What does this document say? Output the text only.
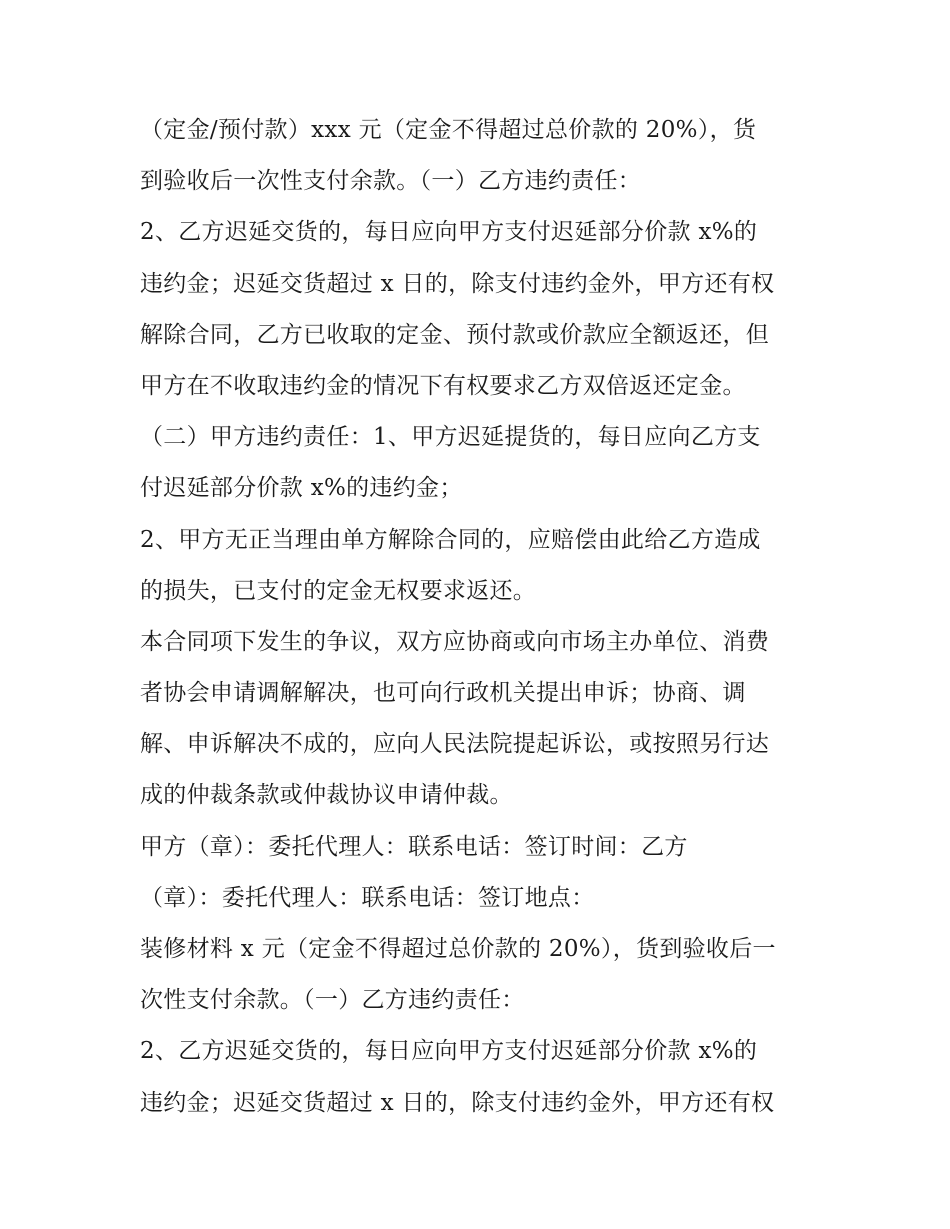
（定金/预付款）xxx 元（定金不得超过总价款的 20%），货
到验收后一次性支付余款。（一）乙方违约责任：
2、乙方迟延交货的，每日应向甲方支付迟延部分价款 x%的
违约金；迟延交货超过 x 日的，除支付违约金外，甲方还有权
解除合同，乙方已收取的定金、预付款或价款应全额返还，但
甲方在不收取违约金的情况下有权要求乙方双倍返还定金。
（二）甲方违约责任：1、甲方迟延提货的，每日应向乙方支
付迟延部分价款 x%的违约金；
2、甲方无正当理由单方解除合同的，应赔偿由此给乙方造成
的损失，已支付的定金无权要求返还。
本合同项下发生的争议，双方应协商或向市场主办单位、消费
者协会申请调解解决，也可向行政机关提出申诉；协商、调
解、申诉解决不成的，应向人民法院提起诉讼，或按照另行达
成的仲裁条款或仲裁协议申请仲裁。
甲方（章）：委托代理人：联系电话：签订时间：乙方
（章）：委托代理人：联系电话：签订地点：
装修材料 x 元（定金不得超过总价款的 20%），货到验收后一
次性支付余款。（一）乙方违约责任：
2、乙方迟延交货的，每日应向甲方支付迟延部分价款 x%的
违约金；迟延交货超过 x 日的，除支付违约金外，甲方还有权
